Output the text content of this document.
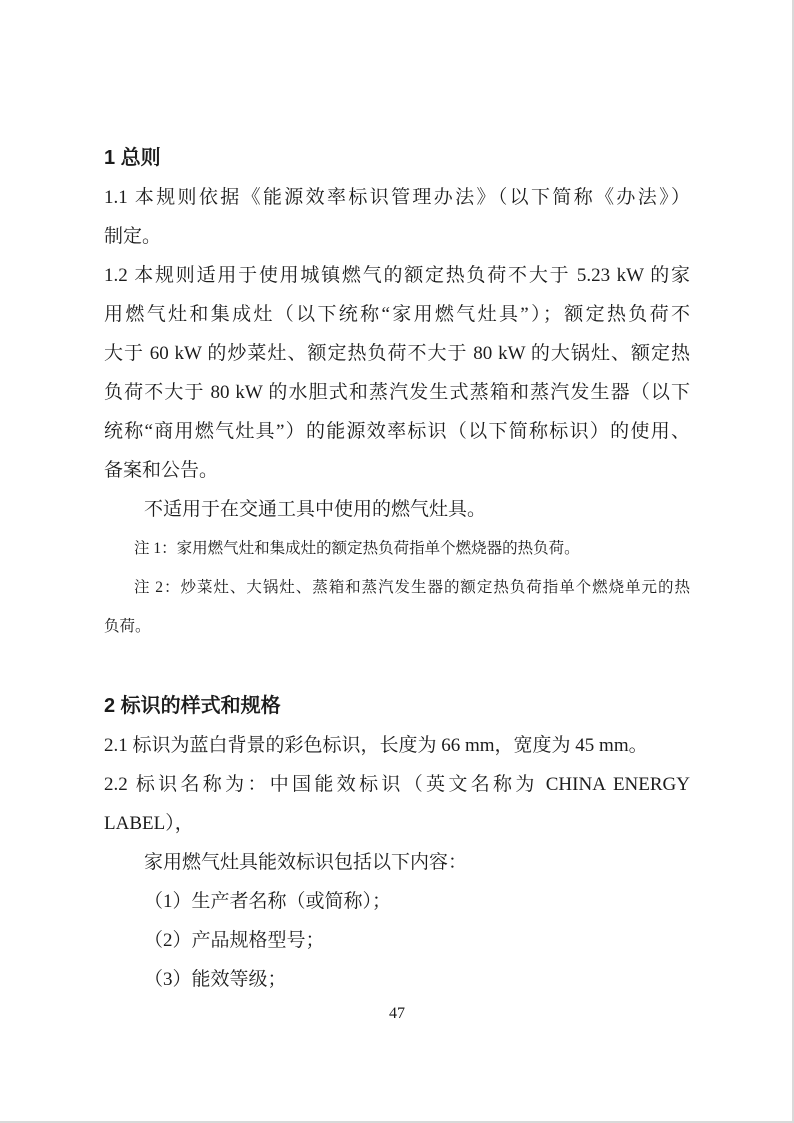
1 总则
1.1 本规则依据《能源效率标识管理办法》（以下简称《办法》）
制定。
1.2 本规则适用于使用城镇燃气的额定热负荷不大于 5.23 kW 的家
用燃气灶和集成灶（以下统称“家用燃气灶具”）；额定热负荷不
大于 60 kW 的炒菜灶、额定热负荷不大于 80 kW 的大锅灶、额定热
负荷不大于 80 kW 的水胆式和蒸汽发生式蒸箱和蒸汽发生器（以下
统称“商用燃气灶具”）的能源效率标识（以下简称标识）的使用、
备案和公告。
不适用于在交通工具中使用的燃气灶具。
注 1：家用燃气灶和集成灶的额定热负荷指单个燃烧器的热负荷。
注 2：炒菜灶、大锅灶、蒸箱和蒸汽发生器的额定热负荷指单个燃烧单元的热
负荷。
2 标识的样式和规格
2.1 标识为蓝白背景的彩色标识，长度为 66 mm，宽度为 45 mm。
2.2 标识名称为：中国能效标识（英文名称为 CHINA ENERGY
LABEL），
家用燃气灶具能效标识包括以下内容：
（1）生产者名称（或简称）；
（2）产品规格型号；
（3）能效等级；
47
